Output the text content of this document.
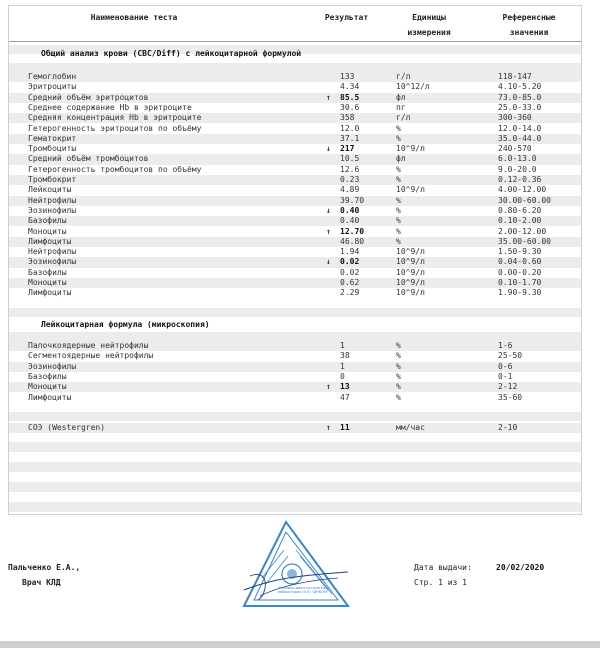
Наименование теста	Результат	Единицы
измерения
Референсные
значения
Общий анализ крови (CBC/Diff) с лейкоцитарной формулой
Гемоглобин	133	г/л	118-147
Эритроциты	4.34	10^12/л	4.10-5.20
Средний объём эритроцитов	↑ 85.5	фл	73.0-85.0
Среднее содержание Hb в эритроците	30.6	пг	25.0-33.0
Средняя концентрация Hb в эритроците	358	г/л	300-360
Гетерогенность эритроцитов по объёму	12.0	%	12.0-14.0
Гематокрит	37.1	%	35.0-44.0
Тромбоциты	↓ 217	10^9/л	240-570
Средний объём тромбоцитов	10.5	фл	6.0-13.0
Гетерогенность тромбоцитов по объёму	12.6	%	9.0-20.0
Тромбокрит	0.23	%	0.12-0.36
Лейкоциты	4.89	10^9/л	4.00-12.00
Нейтрофилы	39.70	%	30.00-60.00
Эозинофилы	↓ 0.40	%	0.80-6.20
Базофилы	0.40	%	0.10-2.00
Моноциты	↑ 12.70	%	2.00-12.00
Лимфоциты	46.80	%	35.00-60.00
Нейтрофилы	1.94	10^9/л	1.50-9.30
Эозинофилы	↓ 0.02	10^9/л	0.04-0.60
Базофилы	0.02	10^9/л	0.00-0.20
Моноциты	0.62	10^9/л	0.10-1.70
Лимфоциты	2.29	10^9/л	1.90-9.30
Лейкоцитарная формула (микроскопия)
Палочкоядерные нейтрофилы	1	%	1-6
Сегментоядерные нейтрофилы	38	%	25-50
Эозинофилы	1	%	0-6
Базофилы	0	%	0-1
Моноциты	↑ 13	%	2-12
Лимфоциты	47	%	35-60
СОЭ (Westergren)	↑ 11	мм/час	2-10
Пальченко Е.А.,
Врач КЛД
Дата выдачи:	20/02/2020
Стр. 1 из 1
Клинико-диагностическая лаборатория ООО "ДНКОМ"
